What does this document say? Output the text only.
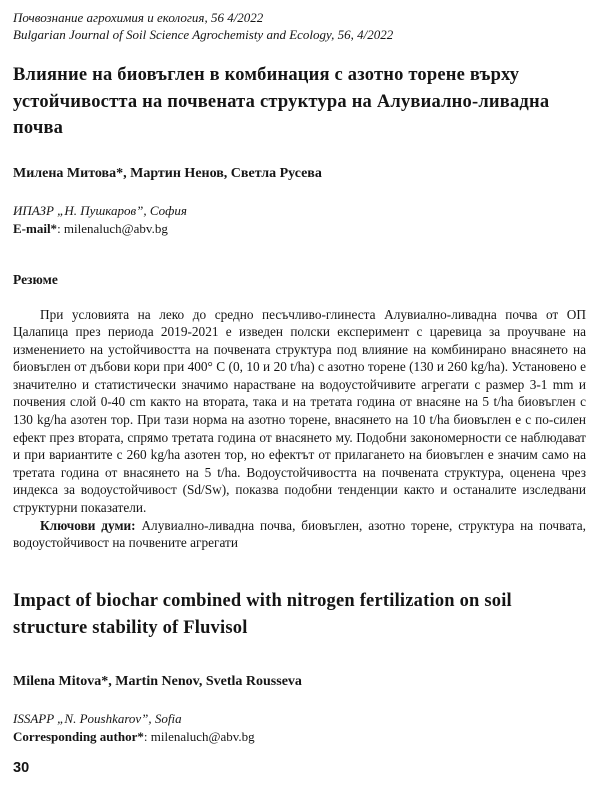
Почвознание агрохимия и екология, 56 4/2022
Bulgarian Journal of Soil Science Agrochemisty and Ecology, 56, 4/2022
Влияние на биовъглен в комбинация с азотно торене върху устойчивостта на почвената структура на Алувиално-ливадна почва
Милена Митова*, Мартин Ненов, Светла Русева
ИПАЗР „Н. Пушкаров”, София
E-mail*: milenaluch@abv.bg
Резюме

При условията на леко до средно песъчливо-глинеста Алувиално-ливадна почва от ОП Цалапица през периода 2019-2021 е изведен полски експеримент с царевица за проучване на изменението на устойчивостта на почвената структура под влияние на комбинирано внасянето на биовъглен от дъбови кори при 400° C (0, 10 и 20 t/ha) с азотно торене (130 и 260 kg/ha). Установено е значително и статистически значимо нарастване на водоустойчивите агрегати с размер 3-1 mm и почвения слой 0-40 cm както на втората, така и на третата година от внасяне на 5 t/ha биовъглен с 130 kg/ha азотен тор. При тази норма на азотно торене, внасянето на 10 t/ha биовъглен е с по-силен ефект през втората, спрямо третата година от внасянето му. Подобни закономерности се наблюдават и при вариантите с 260 kg/ha азотен тор, но ефектът от прилагането на биовъглен е значим само на третата година от внасянето на 5 t/ha. Водоустойчивостта на почвената структура, оценена чрез индекса за водоустойчивост (Sd/Sw), показва подобни тенденции както и останалите изследвани структурни показатели.

Ключови думи: Алувиално-ливадна почва, биовъглен, азотно торене, структура на почвата, водоустойчивост на почвените агрегати

Impact of biochar combined with nitrogen fertilization on soil structure stability of Fluvisol
Milena Mitova*, Martin Nenov, Svetla Rousseva
ISSAPP „N. Poushkarov”, Sofia
Corresponding author*: milenaluch@abv.bg
30
